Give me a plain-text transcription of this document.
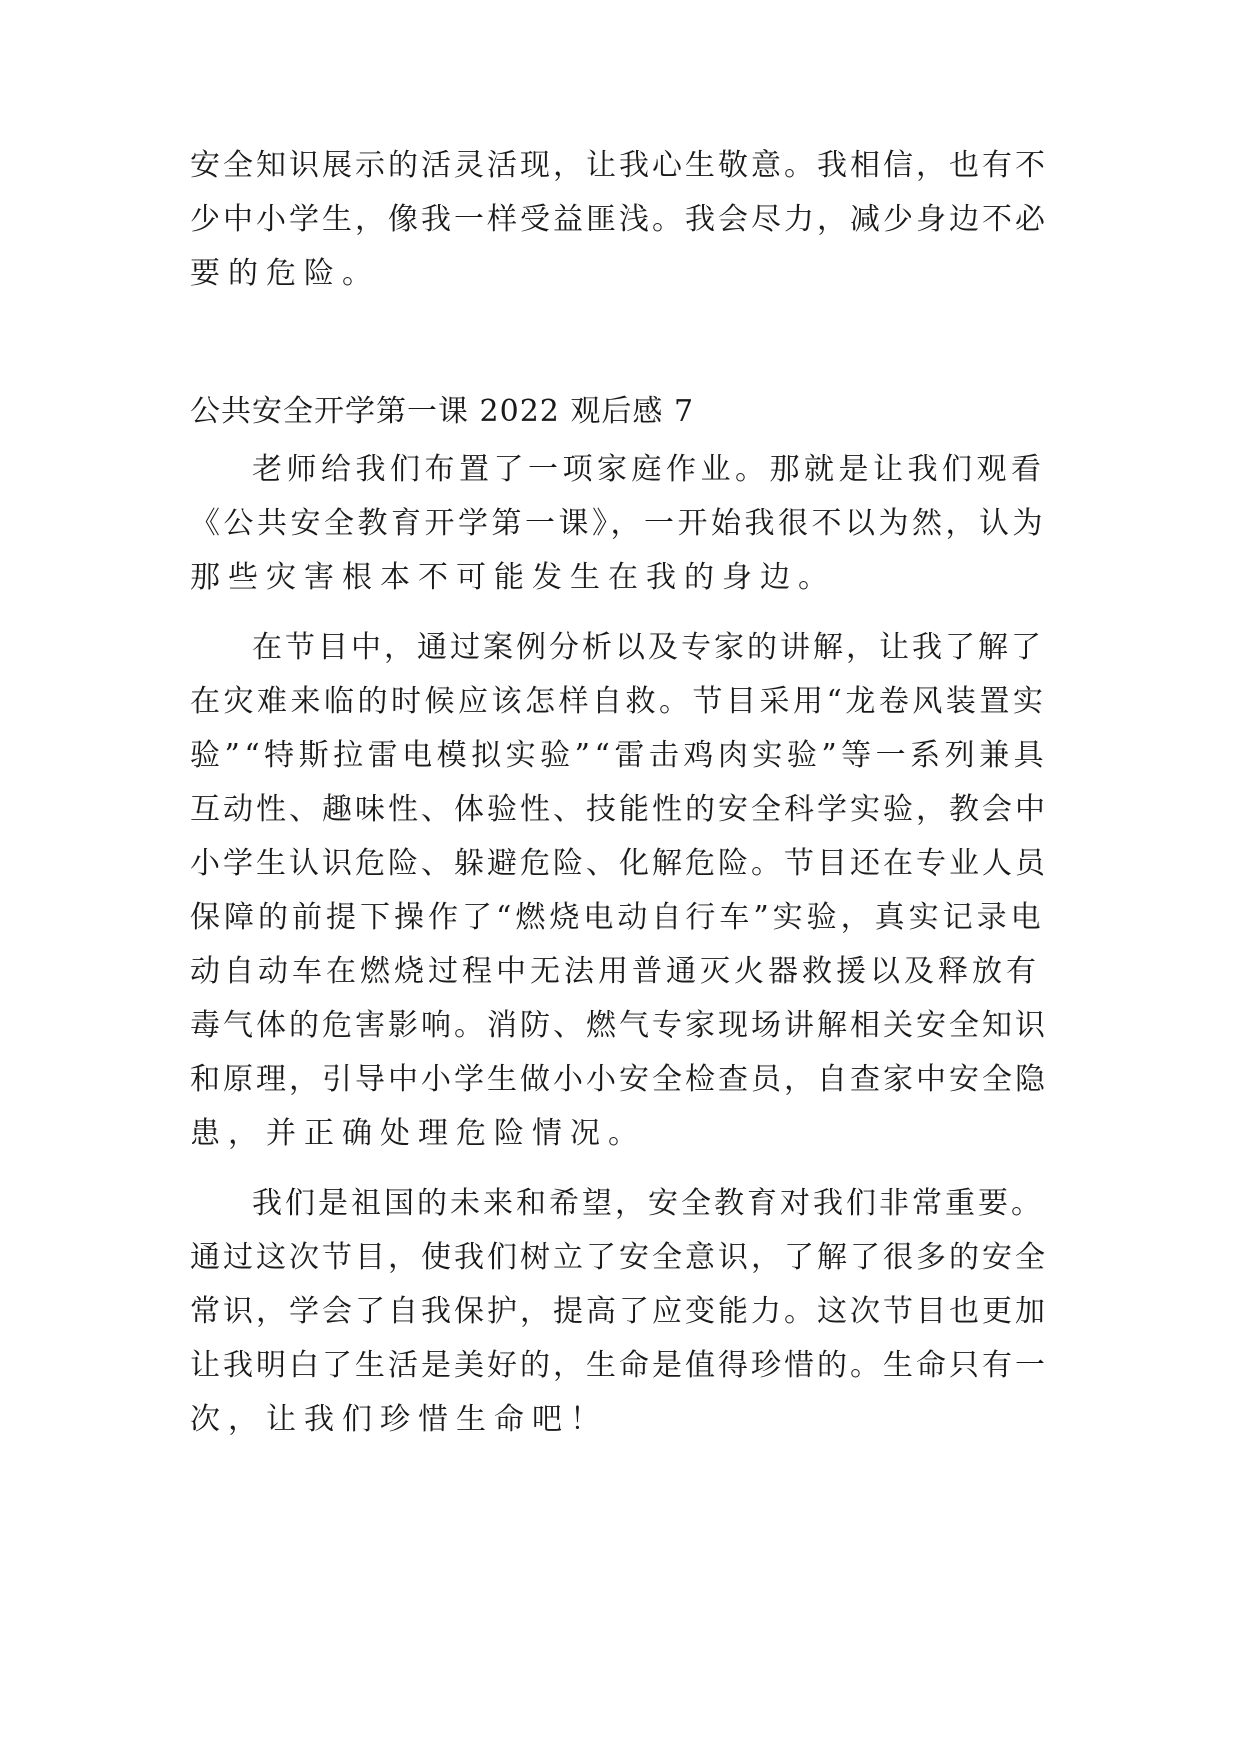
安全知识展示的活灵活现，让我心生敬意。我相信，也有不
少中小学生，像我一样受益匪浅。我会尽力，减少身边不必
要的危险。
公共安全开学第一课 2022 观后感 7
老师给我们布置了一项家庭作业。那就是让我们观看
《公共安全教育开学第一课》，一开始我很不以为然，认为
那些灾害根本不可能发生在我的身边。
在节目中，通过案例分析以及专家的讲解，让我了解了
在灾难来临的时候应该怎样自救。节目采用“龙卷风装置实
验”“特斯拉雷电模拟实验”“雷击鸡肉实验”等一系列兼具
互动性、趣味性、体验性、技能性的安全科学实验，教会中
小学生认识危险、躲避危险、化解危险。节目还在专业人员
保障的前提下操作了“燃烧电动自行车”实验，真实记录电
动自动车在燃烧过程中无法用普通灭火器救援以及释放有
毒气体的危害影响。消防、燃气专家现场讲解相关安全知识
和原理，引导中小学生做小小安全检查员，自查家中安全隐
患，并正确处理危险情况。
我们是祖国的未来和希望，安全教育对我们非常重要。
通过这次节目，使我们树立了安全意识，了解了很多的安全
常识，学会了自我保护，提高了应变能力。这次节目也更加
让我明白了生活是美好的，生命是值得珍惜的。生命只有一
次，让我们珍惜生命吧！
